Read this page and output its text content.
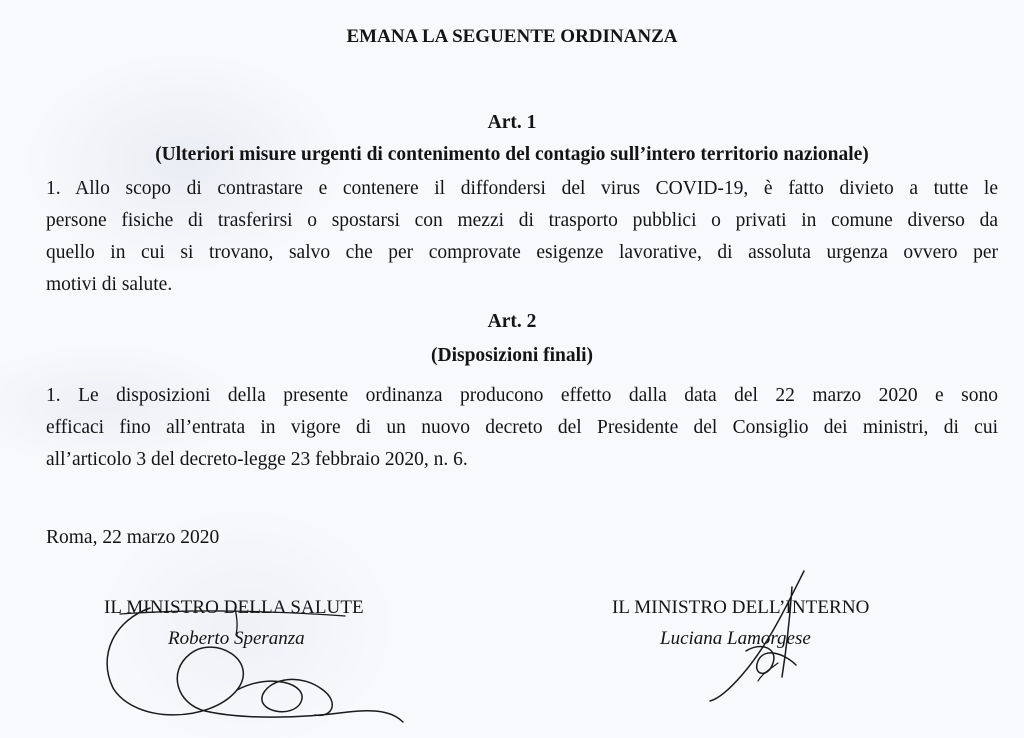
EMANA LA SEGUENTE ORDINANZA
Art. 1
(Ulteriori misure urgenti di contenimento del contagio sull’intero territorio nazionale)
1. Allo scopo di contrastare e contenere il diffondersi del virus COVID-19, è fatto divieto a tutte le
persone fisiche di trasferirsi o spostarsi con mezzi di trasporto pubblici o privati in comune diverso da
quello in cui si trovano, salvo che per comprovate esigenze lavorative, di assoluta urgenza ovvero per
motivi di salute.
Art. 2
(Disposizioni finali)
1. Le disposizioni della presente ordinanza producono effetto dalla data del 22 marzo 2020 e sono
efficaci fino all’entrata in vigore di un nuovo decreto del Presidente del Consiglio dei ministri, di cui
all’articolo 3 del decreto-legge 23 febbraio 2020, n. 6.
Roma, 22 marzo 2020
IL MINISTRO DELLA SALUTE
Roberto Speranza
IL MINISTRO DELL’INTERNO
Luciana Lamorgese
